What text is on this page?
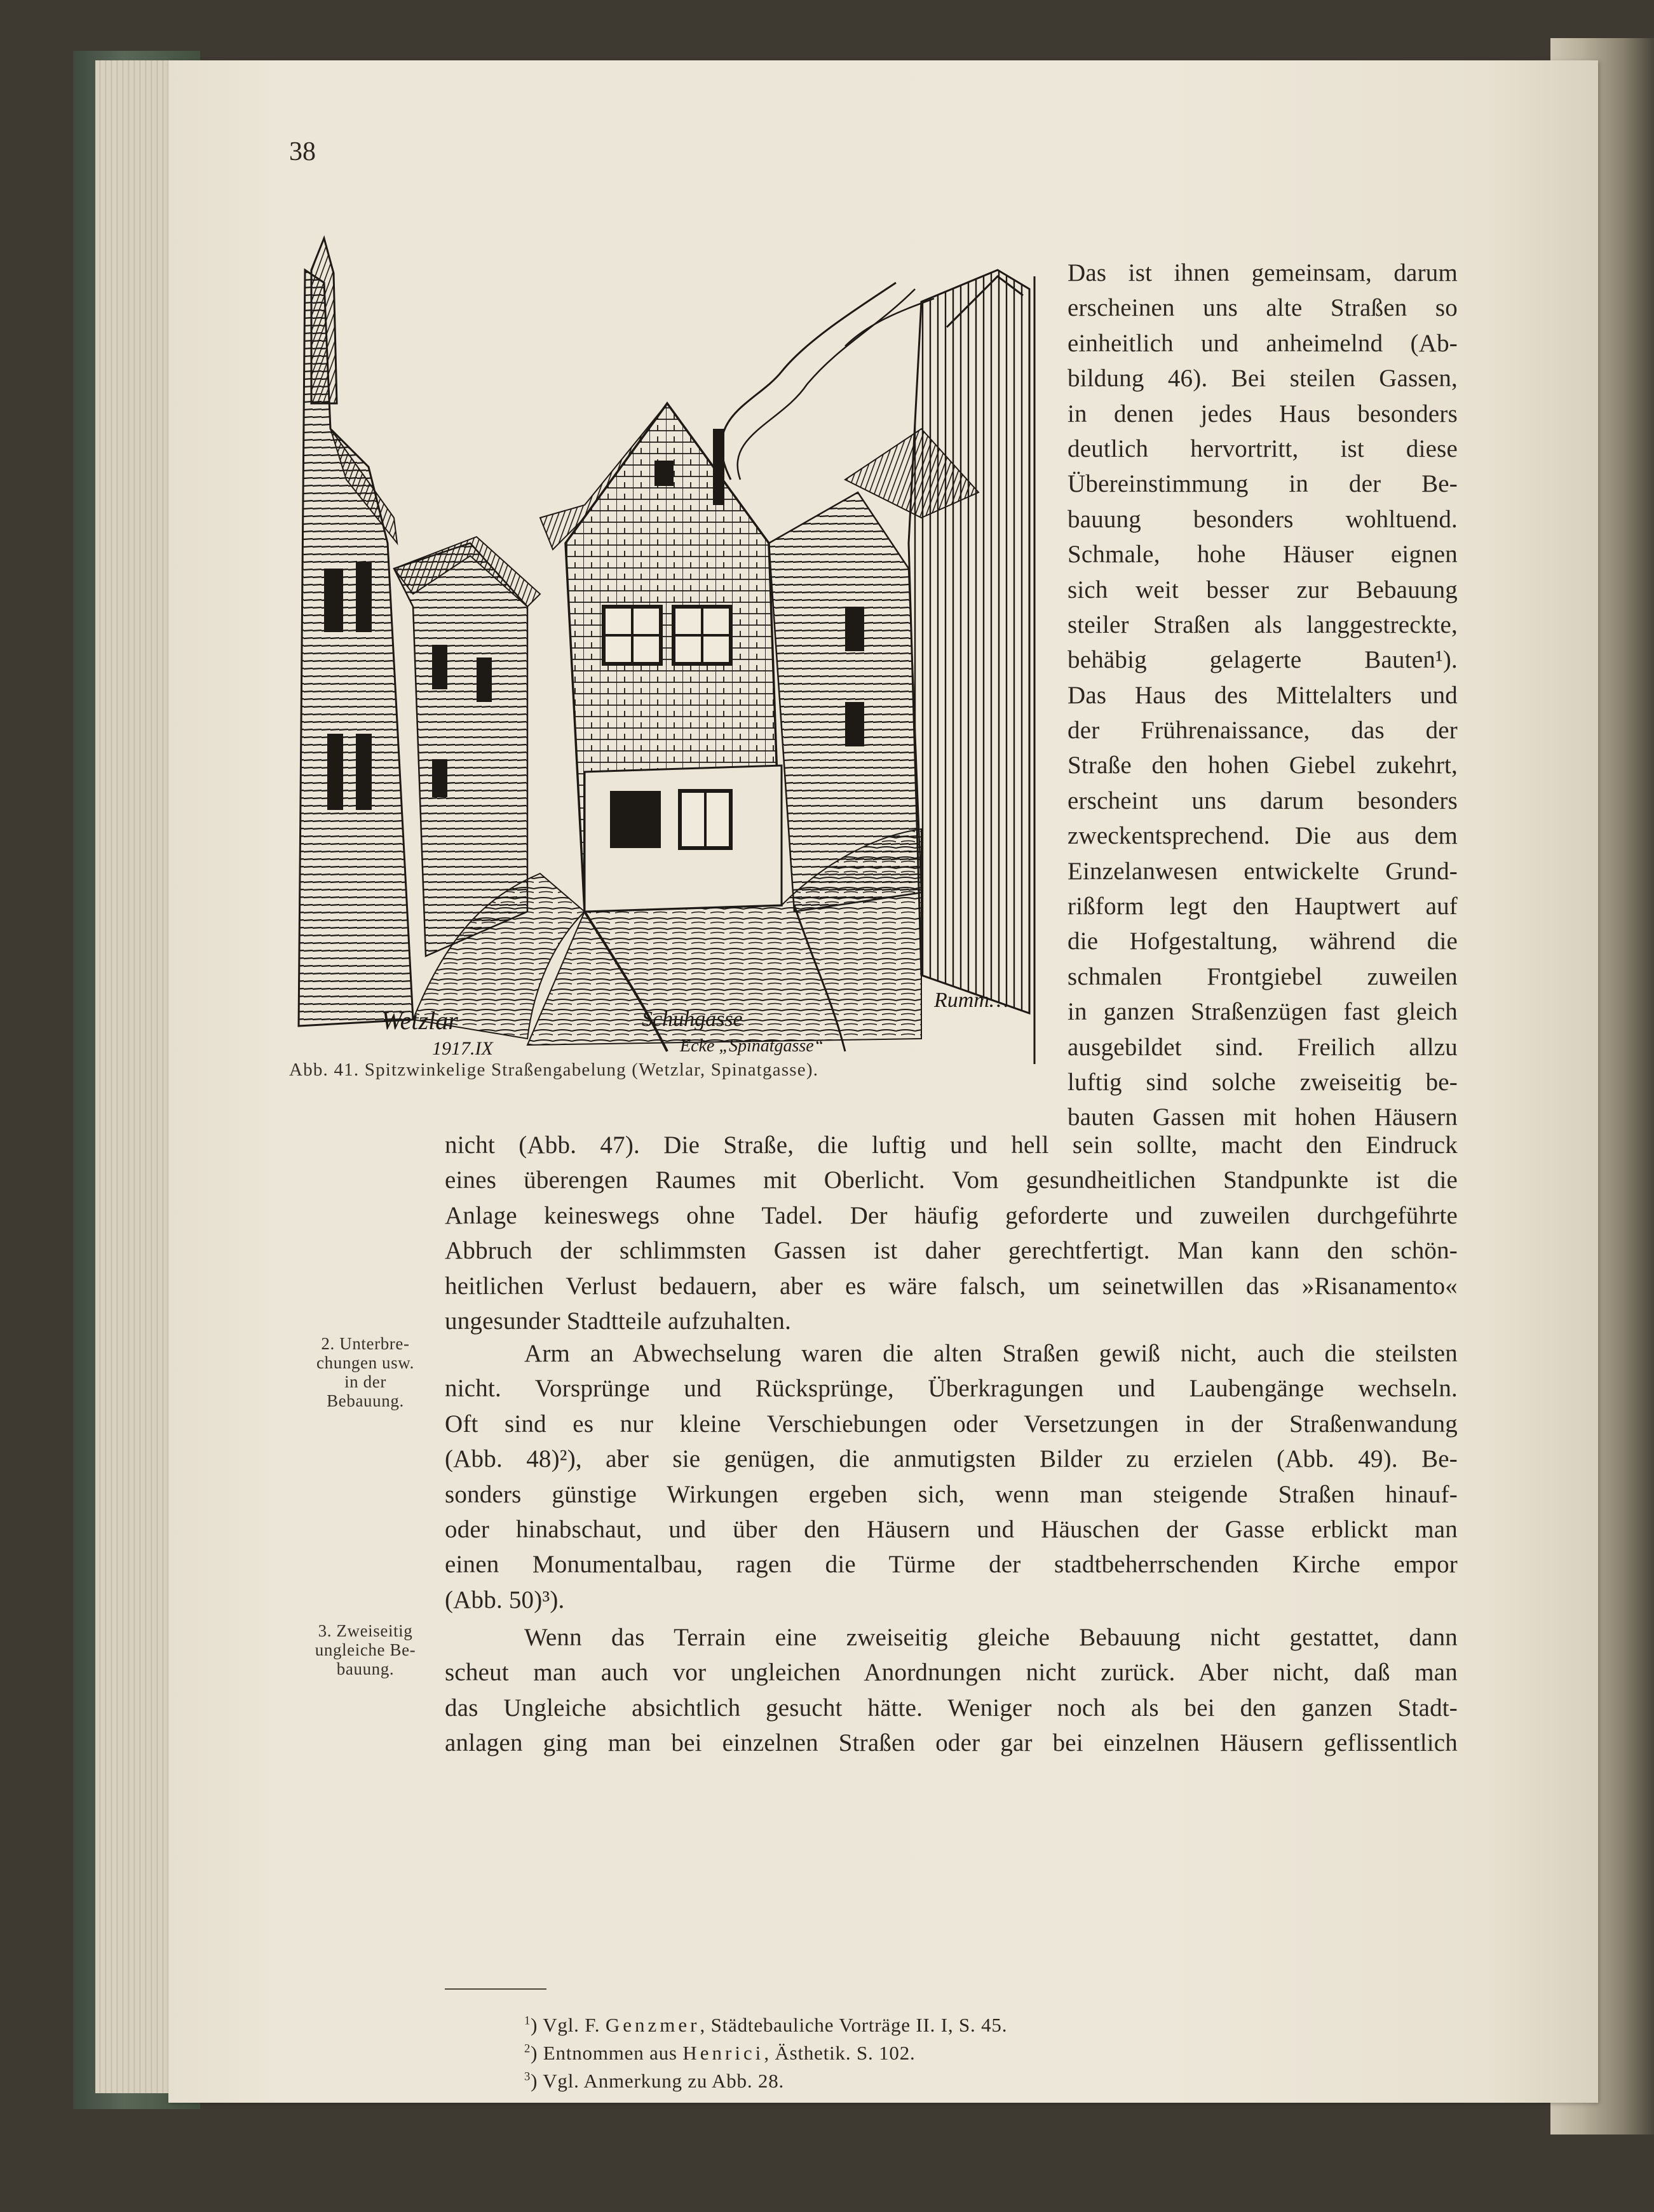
38
Wetzlar
1917.IX
Schuhgasse
Ecke „Spinatgasse“
Rumm…
Abb. 41. Spitzwinkelige Straßengabelung (Wetzlar, Spinatgasse).
Das ist ihnen gemeinsam, darum
erscheinen uns alte Straßen so
einheitlich und anheimelnd (Ab-
bildung 46). Bei steilen Gassen,
in denen jedes Haus besonders
deutlich hervortritt, ist diese
Übereinstimmung in der Be-
bauung besonders wohltuend.
Schmale, hohe Häuser eignen
sich weit besser zur Bebauung
steiler Straßen als langgestreckte,
behäbig gelagerte Bauten¹).
Das Haus des Mittelalters und
der Frührenaissance, das der
Straße den hohen Giebel zukehrt,
erscheint uns darum besonders
zweckentsprechend. Die aus dem
Einzelanwesen entwickelte Grund-
rißform legt den Hauptwert auf
die Hofgestaltung, während die
schmalen Frontgiebel zuweilen
in ganzen Straßenzügen fast gleich
ausgebildet sind. Freilich allzu
luftig sind solche zweiseitig be-
bauten Gassen mit hohen Häusern
nicht (Abb. 47). Die Straße, die luftig und hell sein sollte, macht den Eindruck
eines überengen Raumes mit Oberlicht. Vom gesundheitlichen Standpunkte ist die
Anlage keineswegs ohne Tadel. Der häufig geforderte und zuweilen durchgeführte
Abbruch der schlimmsten Gassen ist daher gerechtfertigt. Man kann den schön-
heitlichen Verlust bedauern, aber es wäre falsch, um seinetwillen das »Risanamento«
ungesunder Stadtteile aufzuhalten.
2. Unterbre-
chungen usw.
in der
Bebauung.
Arm an Abwechselung waren die alten Straßen gewiß nicht, auch die steilsten
nicht. Vorsprünge und Rücksprünge, Überkragungen und Laubengänge wechseln.
Oft sind es nur kleine Verschiebungen oder Versetzungen in der Straßenwandung
(Abb. 48)²), aber sie genügen, die anmutigsten Bilder zu erzielen (Abb. 49). Be-
sonders günstige Wirkungen ergeben sich, wenn man steigende Straßen hinauf-
oder hinabschaut, und über den Häusern und Häuschen der Gasse erblickt man
einen Monumentalbau, ragen die Türme der stadtbeherrschenden Kirche empor
(Abb. 50)³).
3. Zweiseitig
ungleiche Be-
bauung.
Wenn das Terrain eine zweiseitig gleiche Bebauung nicht gestattet, dann
scheut man auch vor ungleichen Anordnungen nicht zurück. Aber nicht, daß man
das Ungleiche absichtlich gesucht hätte. Weniger noch als bei den ganzen Stadt-
anlagen ging man bei einzelnen Straßen oder gar bei einzelnen Häusern geflissentlich
$^1$) Vgl. F. Genzmer, Städtebauliche Vorträge II. I, S. 45.
$^2$) Entnommen aus Henrici, Ästhetik. S. 102.
$^3$) Vgl. Anmerkung zu Abb. 28.
